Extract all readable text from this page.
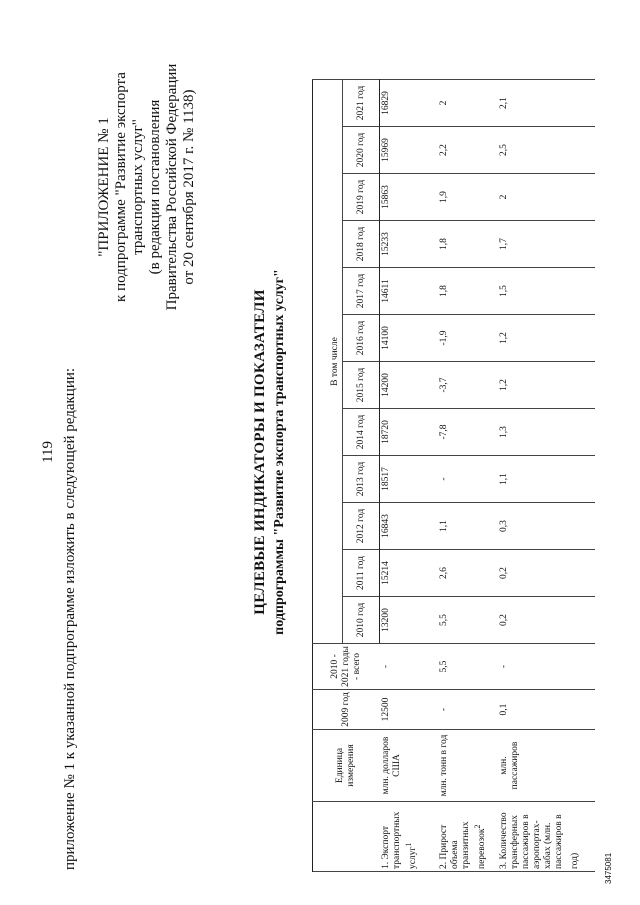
119 приложение № 1 к указанной подпрограмме изложить в следующей редакции:
"ПРИЛОЖЕНИЕ № 1 к подпрограмме "Развитие экспорта транспортных услуг" (в редакции постановления Правительства Российской Федерации от 20 сентября 2017 г. № 1138)
ЦЕЛЕВЫЕ ИНДИКАТОРЫ И ПОКАЗАТЕЛИ подпрограммы "Развитие экспорта транспортных услуг"
	Единица измерения	2009 год	2010 - 2021 годы - всего												
				В том числе											
				2010 год	2011 год	2012 год	2013 год	2014 год	2015 год	2016 год	2017 год	2018 год	2019 год	2020 год	2021 год
1. Экспорт транспортных услуг$^1$	млн. долларов США	12500	-	13200	15214	16843	18517	18720	14200	14100	14611	15233	15863	15969	16829
2. Прирост объема транзитных перевозок$^2$	млн. тонн в год	-	5,5	5,5	2,6	1,1	-	-7,8	-3,7	-1,9	1,8	1,8	1,9	2,2	2
3. Количество трансферных пассажиров в аэропортах-хабах (млн. пассажиров в год)	млн. пассажиров	0,1	-	0,2	0,2	0,3	1,1	1,3	1,2	1,2	1,5	1,7	2	2,5	2,1
3475081
